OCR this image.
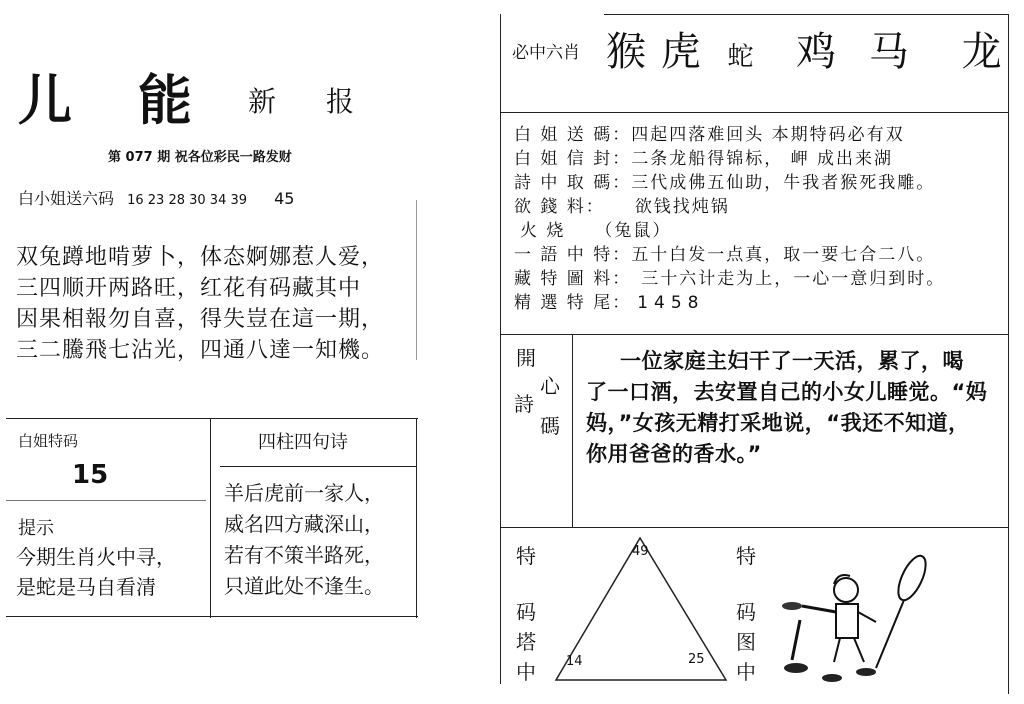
儿 能 新 报
第 077 期 祝各位彩民一路发财
白小姐送六码 16 23 28 30 34 39 45
双兔蹲地啃萝卜，体态婀娜惹人爱，
三四顺开两路旺，红花有码藏其中
因果相報勿自喜，得失豈在這一期，
三二騰飛七沾光，四通八達一知機。
白姐特码
15
提示
今期生肖火中寻，
是蛇是马自看清
四柱四句诗
羊后虎前一家人，
威名四方藏深山，
若有不策半路死，
只道此处不逢生。
必中六肖 猴 虎 蛇 鸡 马 龙
白 姐 送 碼：四起四落难回头 本期特码必有双
白 姐 信 封：二条龙船得锦标， 岬 成出来湖
詩 中 取 碼：三代成佛五仙助，牛我者猴死我雕。
欲 錢 料： 欲钱找炖锅
火 烧 （兔鼠）
一 語 中 特：五十白发一点真，取一要七合二八。
藏 特 圖 料： 三十六计走为上，一心一意归到时。
精 選 特 尾： 1458
開
心
詩
碼
一位家庭主妇干了一天活，累了，喝
了一口酒，去安置自己的小女儿睡觉。“妈
妈，”女孩无精打采地说，“我还不知道，
你用爸爸的香水。”
特
码
塔
中
49
14	25
特
码
图
中
